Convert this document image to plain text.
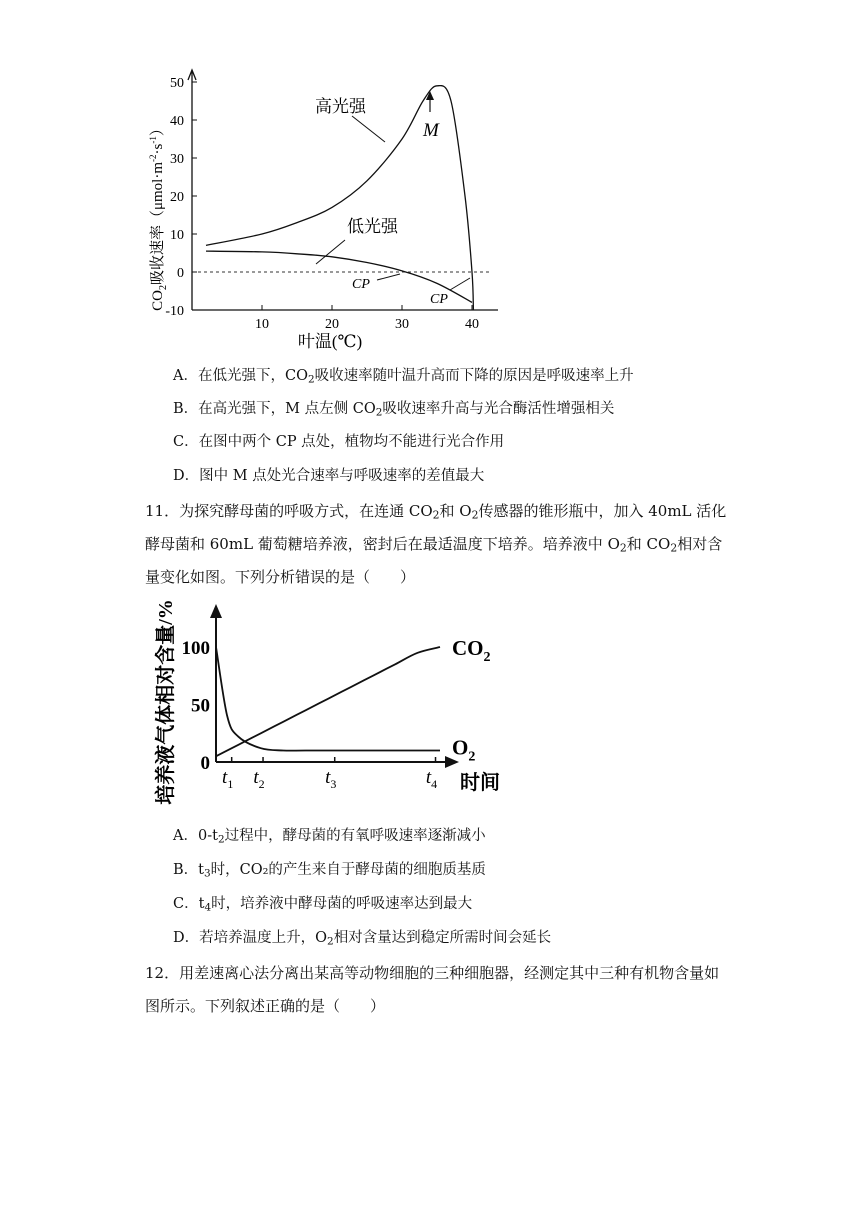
$CO_2$吸收速率$(\mu mol\cdot m^{-2}\cdot s^{-1})$
50
40
30
20
10
0
-10
10	20	30	40
高光强
低光强
M
CP
CP
叶温(℃)
A．在低光强下，$CO_2$吸收速率随叶温升高而下降的原因是呼吸速率上升
B．在高光强下，M 点左侧 $CO_2$吸收速率升高与光合酶活性增强相关
C．在图中两个 CP 点处，植物均不能进行光合作用
D．图中 M 点处光合速率与呼吸速率的差值最大
11．为探究酵母菌的呼吸方式，在连通 $CO_2$和 $O_2$传感器的锥形瓶中，加入 40mL 活化
酵母菌和 60mL 葡萄糖培养液，密封后在最适温度下培养。培养液中 $O_2$和 $CO_2$相对含
量变化如图。下列分析错误的是（　　）
培养液气体相对含量/% 100
50
0
$t_1$ $t_2$	$t_3$	$t_4$
$CO_2$
$O_2$
时间
A．$0-t_2$过程中，酵母菌的有氧呼吸速率逐渐减小
B．$t_3$时，CO₂的产生来自于酵母菌的细胞质基质
C．$t_4$时，培养液中酵母菌的呼吸速率达到最大
D．若培养温度上升，$O_2$相对含量达到稳定所需时间会延长
12．用差速离心法分离出某高等动物细胞的三种细胞器，经测定其中三种有机物含量如
图所示。下列叙述正确的是（　　）
